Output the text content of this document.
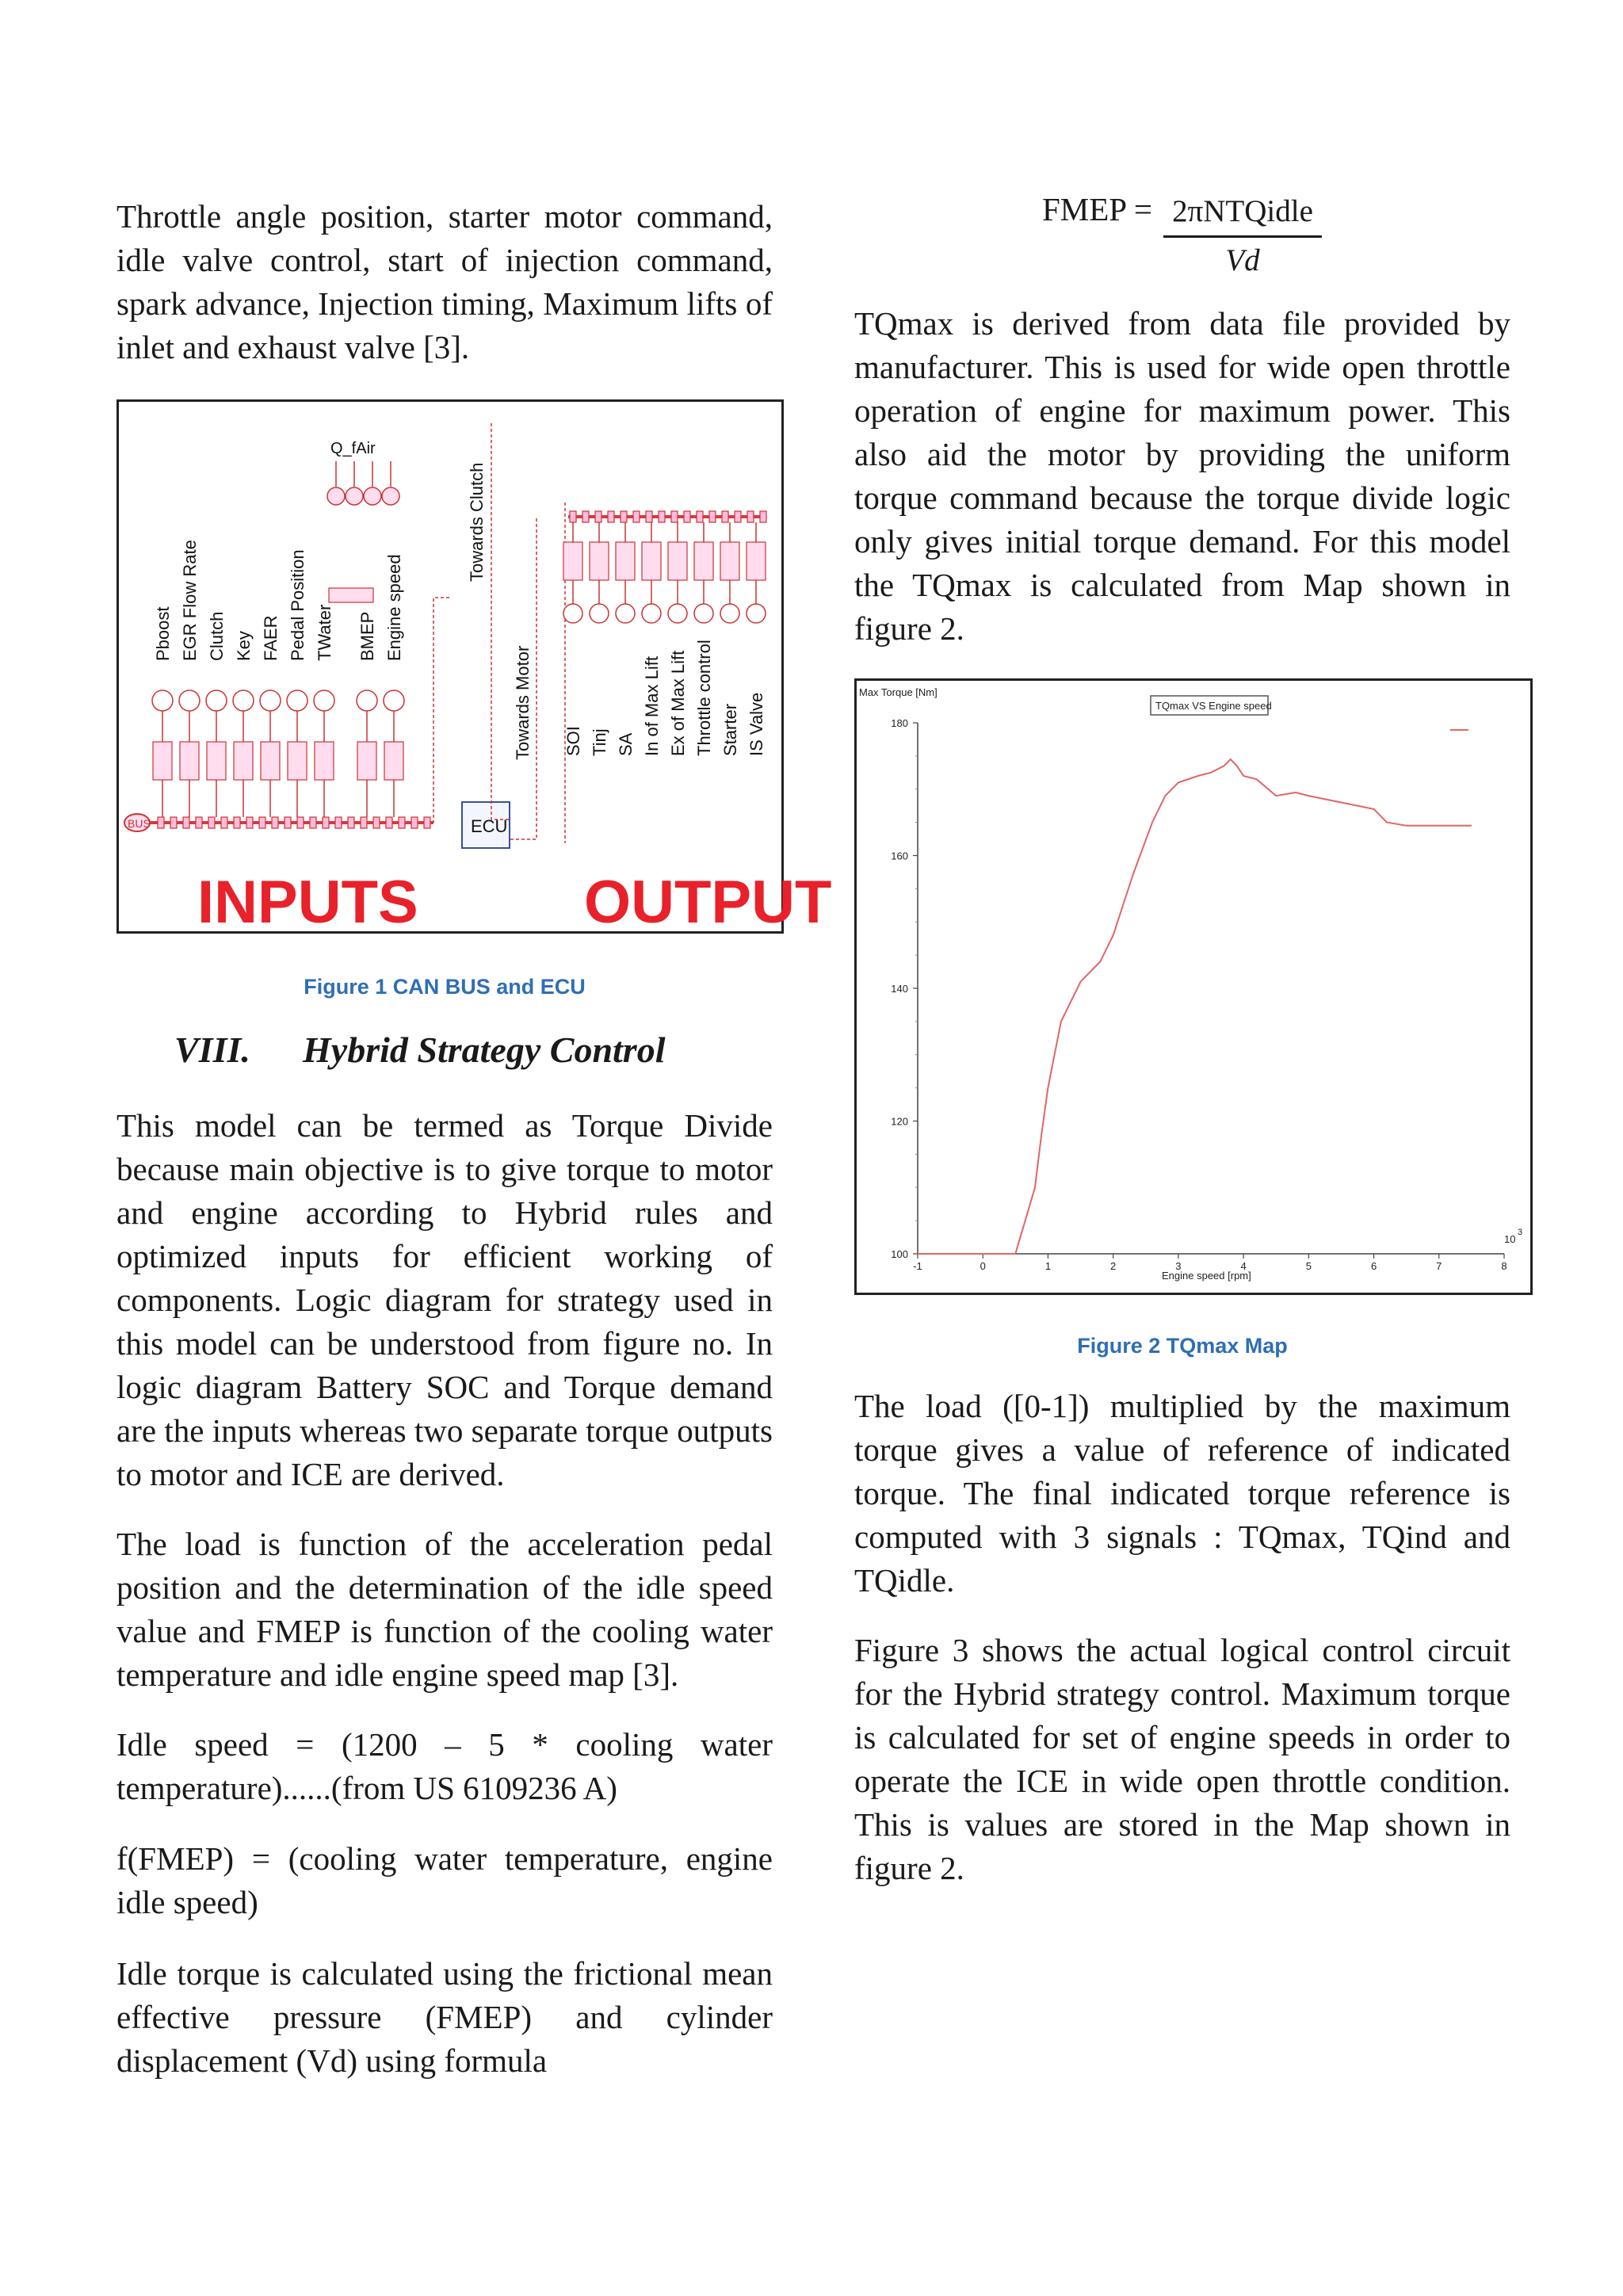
Throttle angle position, starter motor command, idle valve control, start of injection command, spark advance, Injection timing, Maximum lifts of inlet and exhaust valve [3].

BUS	ECU
Pboost EGR Flow Rate Clutch Key FAER Pedal Position TWater BMEP Engine speed
SOI Tinj SA In of Max Lift Ex of Max Lift Throttle control Starter IS Valve
Q_fAir
Towards Clutch
Towards Motor
INPUTS	OUTPUT
Figure 1 CAN BUS and ECU
VIII. Hybrid Strategy Control

This model can be termed as Torque Divide because main objective is to give torque to motor and engine according to Hybrid rules and optimized inputs for efficient working of components. Logic diagram for strategy used in this model can be understood from figure no. In logic diagram Battery SOC and Torque demand are the inputs whereas two separate torque outputs to motor and ICE are derived.

The load is function of the acceleration pedal position and the determination of the idle speed value and FMEP is function of the cooling water temperature and idle engine speed map [3].

Idle speed = (1200 – 5 * cooling water temperature)......(from US 6109236 A)

f(FMEP) = (cooling water temperature, engine idle speed)

Idle torque is calculated using the frictional mean effective pressure (FMEP) and cylinder displacement (Vd) using formula

FMEP = 2πNTQidle
Vd

TQmax is derived from data file provided by manufacturer. This is used for wide open throttle operation of engine for maximum power. This also aid the motor by providing the uniform torque command because the torque divide logic only gives initial torque demand. For this model the TQmax is calculated from Map shown in figure 2.

Max Torque [Nm]
TQmax VS Engine speed
100
120
140
160
180
-1	0	1	2	3	4	5	6	7	8
Engine speed [rpm]
10
3
Figure 2 TQmax Map

The load ([0-1]) multiplied by the maximum torque gives a value of reference of indicated torque. The final indicated torque reference is computed with 3 signals : TQmax, TQind and TQidle.

Figure 3 shows the actual logical control circuit for the Hybrid strategy control. Maximum torque is calculated for set of engine speeds in order to operate the ICE in wide open throttle condition. This is values are stored in the Map shown in figure 2.
